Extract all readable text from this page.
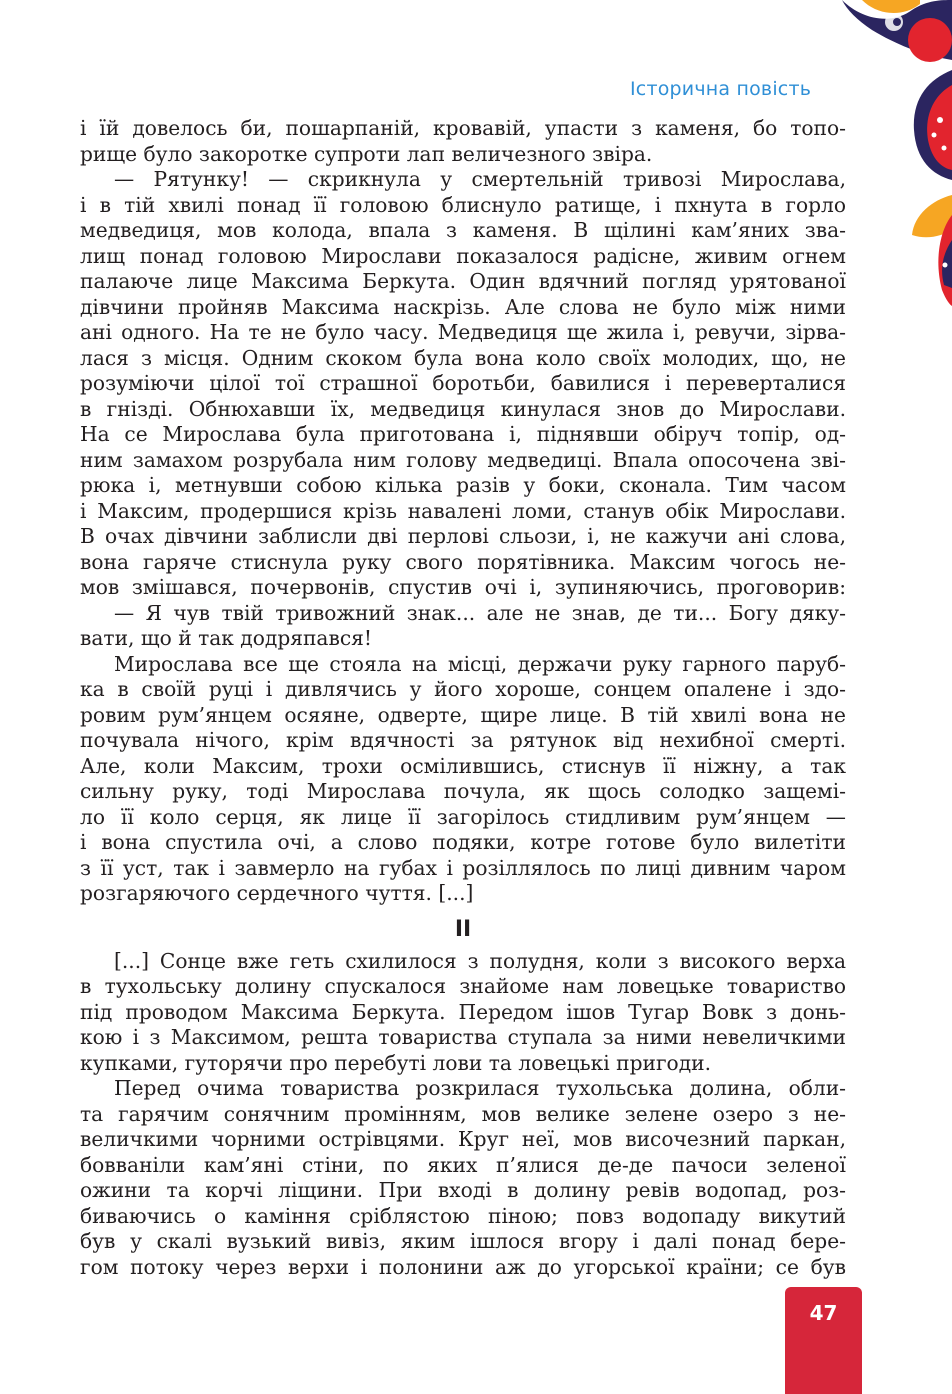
Історична повість
і їй довелось би, пошарпаній, кровавій, упасти з каменя, бо топо-
рище було закоротке супроти лап величезного звіра.
— Рятунку! — скрикнула у смертельній тривозі Мирослава,
і в тій хвилі понад її головою блиснуло ратище, і пхнута в горло
медведиця, мов колода, впала з каменя. В щілині кам’яних зва-
лищ понад головою Мирослави показалося радісне, живим огнем
палаюче лице Максима Беркута. Один вдячний погляд урятованої
дівчини пройняв Максима наскрізь. Але слова не було між ними
ані одного. На те не було часу. Медведиця ще жила і, ревучи, зірва-
лася з місця. Одним скоком була вона коло своїх молодих, що, не
розуміючи цілої тої страшної боротьби, бавилися і переверталися
в гнізді. Обнюхавши їх, медведиця кинулася знов до Мирослави.
На се Мирослава була приготована і, піднявши обіруч топір, од-
ним замахом розрубала ним голову медведиці. Впала опосочена зві-
рюка і, метнувши собою кілька разів у боки, сконала. Тим часом
і Максим, продершися крізь навалені ломи, станув обік Мирослави.
В очах дівчини заблисли дві перлові сльози, і, не кажучи ані слова,
вона гаряче стиснула руку свого порятівника. Максим чогось не-
мов змішався, почервонів, спустив очі і, зупиняючись, проговорив:
— Я чув твій тривожний знак... але не знав, де ти... Богу дяку-
вати, що й так додряпався!
Мирослава все ще стояла на місці, держачи руку гарного паруб-
ка в своїй руці і дивлячись у його хороше, сонцем опалене і здо-
ровим рум’янцем осяяне, одверте, щире лице. В тій хвилі вона не
почувала нічого, крім вдячності за рятунок від нехибної смерті.
Але, коли Максим, трохи осмілившись, стиснув її ніжну, а так
сильну руку, тоді Мирослава почула, як щось солодко защемі-
ло її коло серця, як лице її загорілось стидливим рум’янцем —
і вона спустила очі, а слово подяки, котре готове було вилетіти
з її уст, так і завмерло на губах і розіллялось по лиці дивним чаром
розгаряючого сердечного чуття. [...]
II
[...] Сонце вже геть схилилося з полудня, коли з високого верха
в тухольську долину спускалося знайоме нам ловецьке товариство
під проводом Максима Беркута. Передом ішов Тугар Вовк з донь-
кою і з Максимом, решта товариства ступала за ними невеличкими
купками, гуторячи про перебуті лови та ловецькі пригоди.
Перед очима товариства розкрилася тухольська долина, обли-
та гарячим сонячним промінням, мов велике зелене озеро з не-
величкими чорними острівцями. Круг неї, мов височезний паркан,
бовваніли кам’яні стіни, по яких п’ялися де-де пачоси зеленої
ожини та корчі ліщини. При вході в долину ревів водопад, роз-
биваючись о каміння сріблястою піною; повз водопаду викутий
був у скалі вузький вивіз, яким ішлося вгору і далі понад бере-
гом потоку через верхи і полонини аж до угорської країни; се був
47
